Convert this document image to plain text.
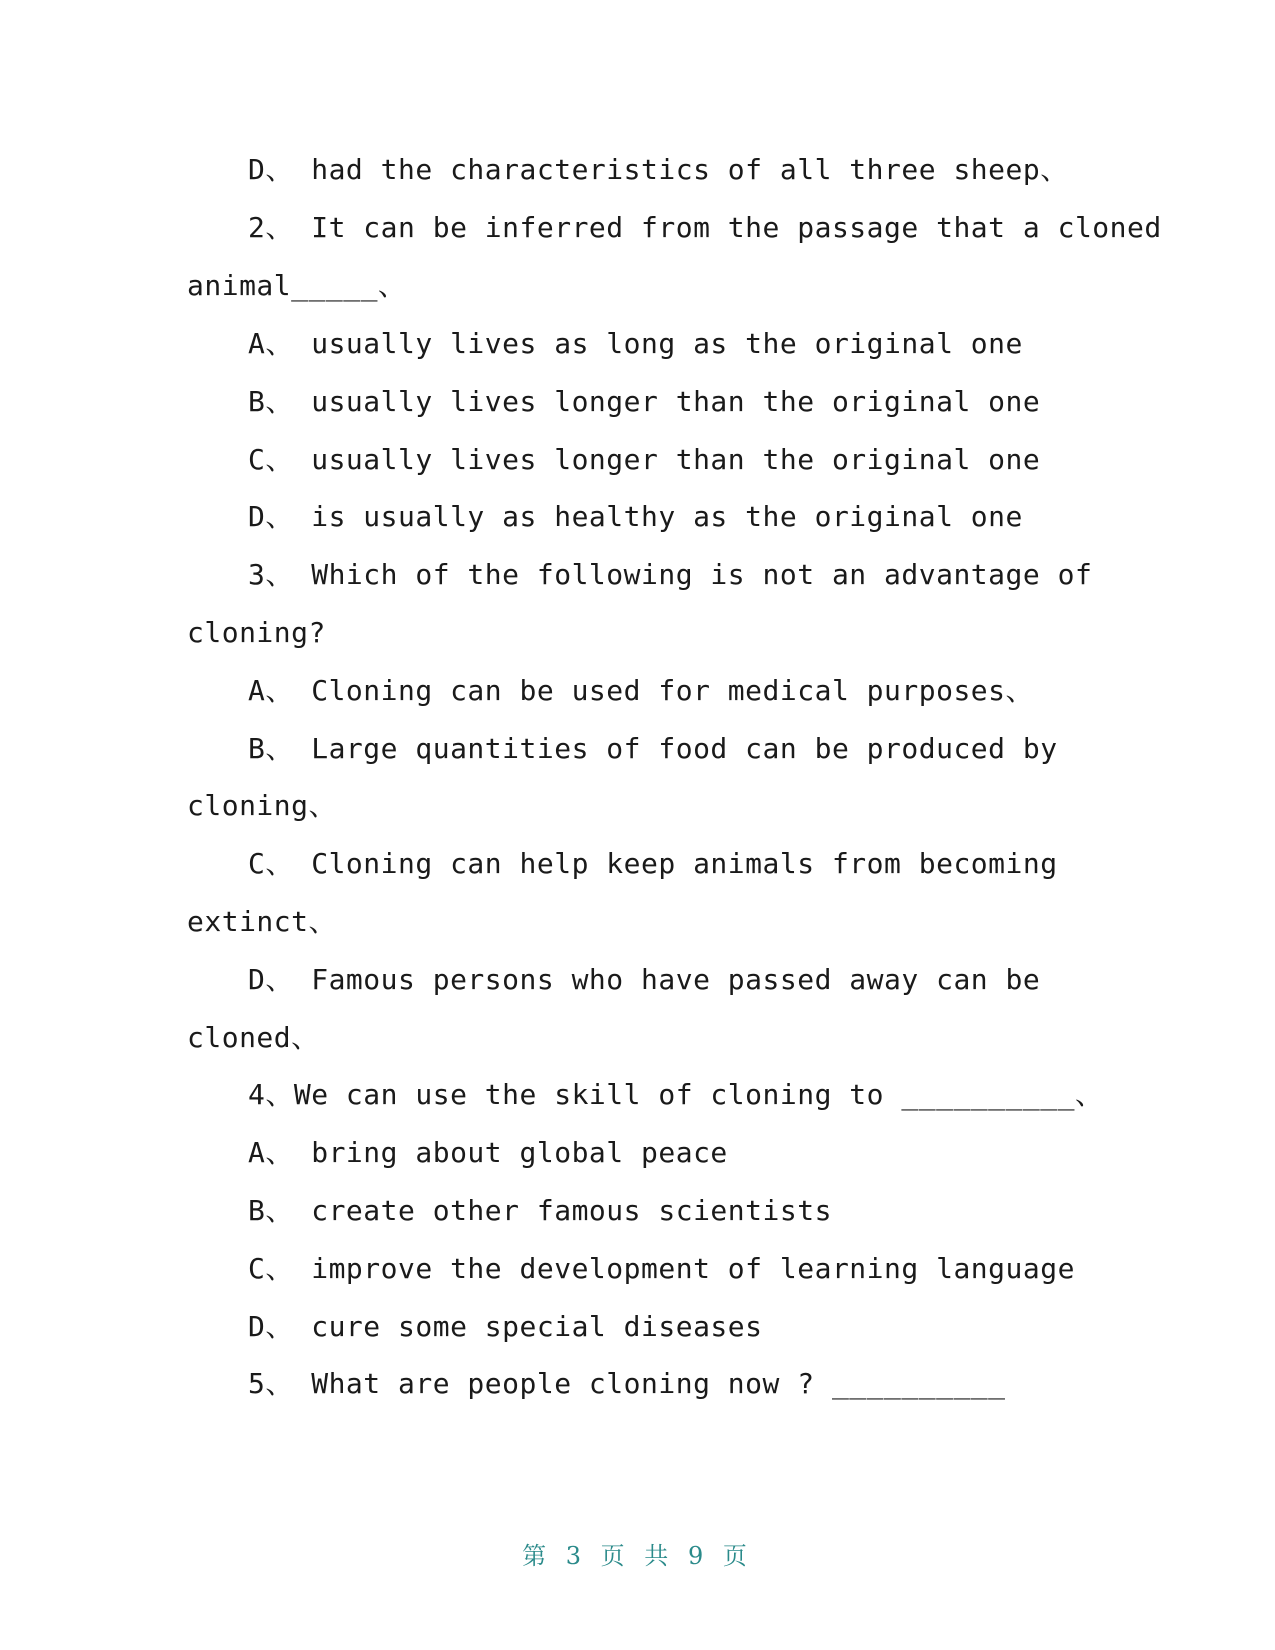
D、 had the characteristics of all three sheep、
2、 It can be inferred from the passage that a cloned
animal_____、
A、 usually lives as long as the original one
B、 usually lives longer than the original one
C、 usually lives longer than the original one
D、 is usually as healthy as the original one
3、 Which of the following is not an advantage of
cloning?
A、 Cloning can be used for medical purposes、
B、 Large quantities of food can be produced by
cloning、
C、 Cloning can help keep animals from becoming
extinct、
D、 Famous persons who have passed away can be
cloned、
4、We can use the skill of cloning to __________、
A、 bring about global peace
B、 create other famous scientists
C、 improve the development of learning language
D、 cure some special diseases
5、 What are people cloning now ? __________
第 3 页 共 9 页
